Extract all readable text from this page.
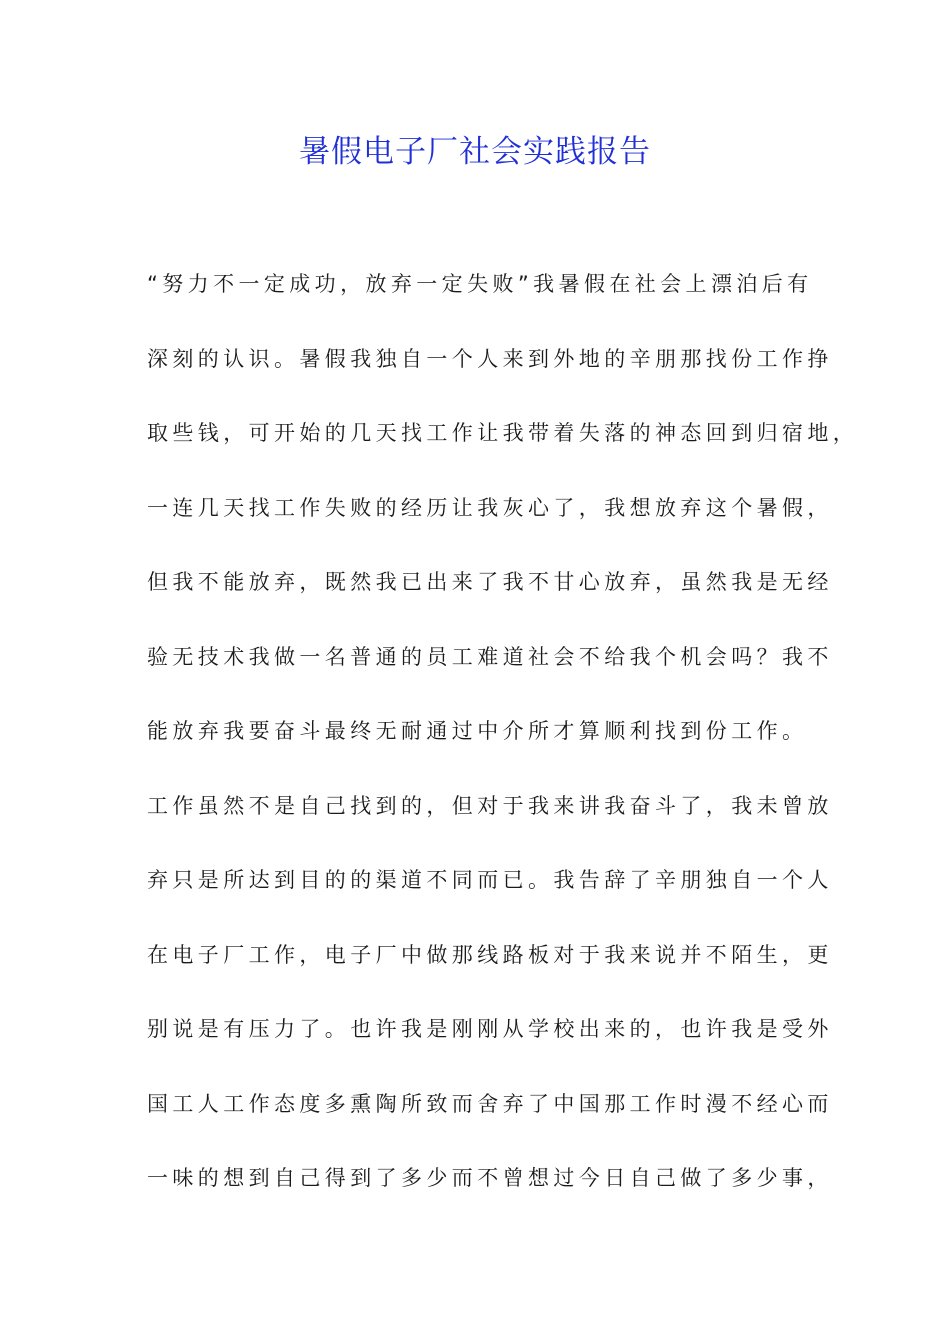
暑假电子厂社会实践报告
“努力不一定成功，放弃一定失败”我暑假在社会上漂泊后有
深刻的认识。暑假我独自一个人来到外地的辛朋那找份工作挣
取些钱，可开始的几天找工作让我带着失落的神态回到归宿地，
一连几天找工作失败的经历让我灰心了，我想放弃这个暑假，
但我不能放弃，既然我已出来了我不甘心放弃，虽然我是无经
验无技术我做一名普通的员工难道社会不给我个机会吗？我不
能放弃我要奋斗最终无耐通过中介所才算顺利找到份工作。
工作虽然不是自己找到的，但对于我来讲我奋斗了，我未曾放
弃只是所达到目的的渠道不同而已。我告辞了辛朋独自一个人
在电子厂工作，电子厂中做那线路板对于我来说并不陌生，更
别说是有压力了。也许我是刚刚从学校出来的，也许我是受外
国工人工作态度多熏陶所致而舍弃了中国那工作时漫不经心而
一味的想到自己得到了多少而不曾想过今日自己做了多少事，
